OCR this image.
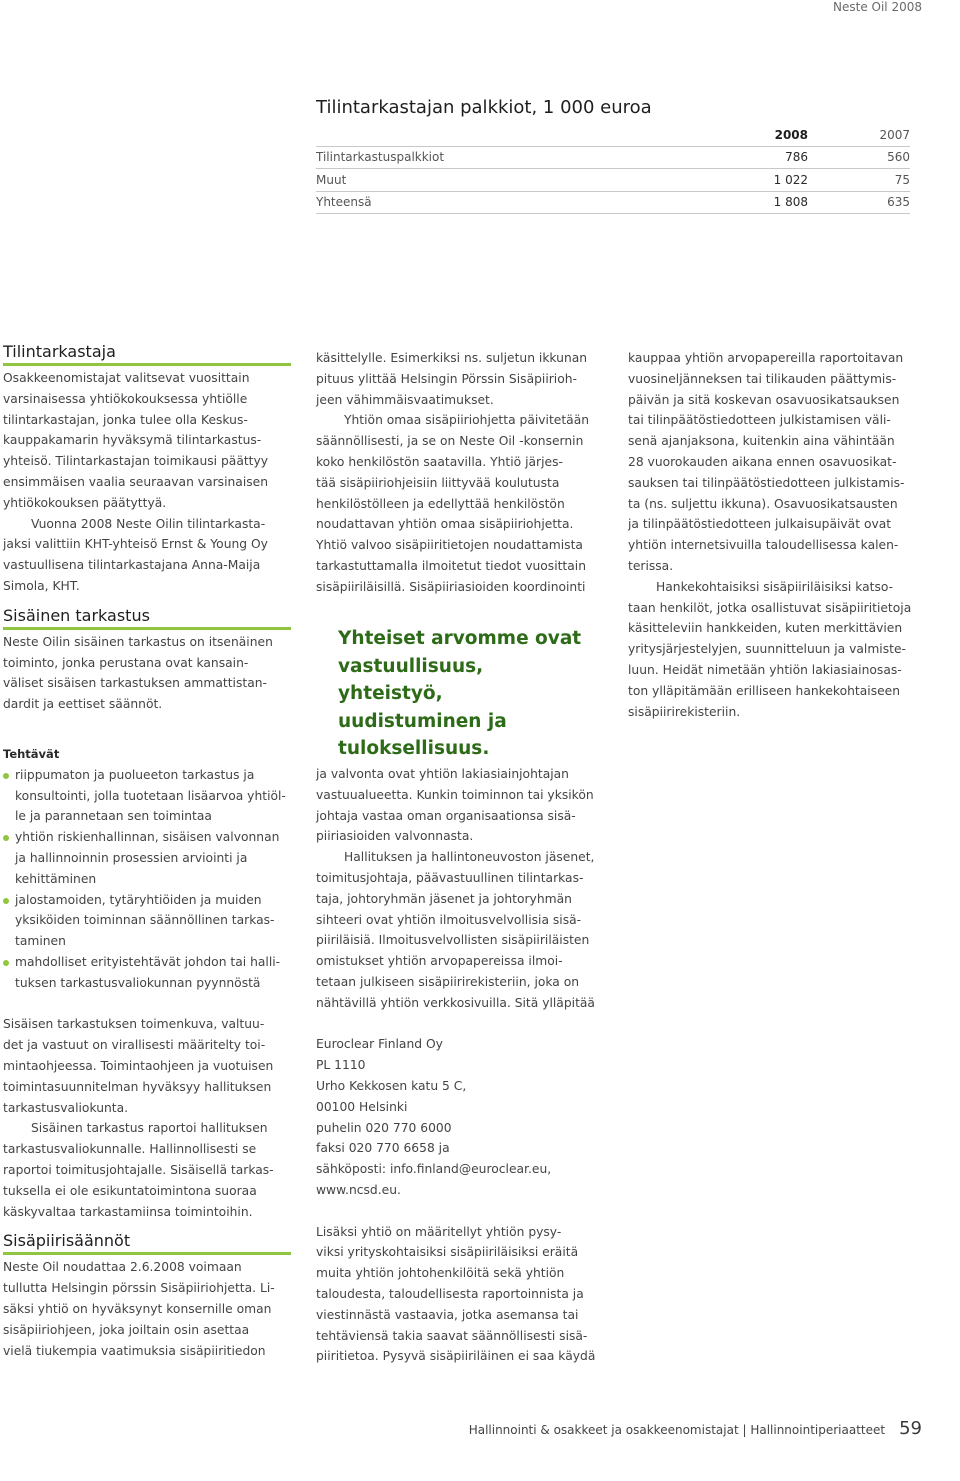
Neste Oil 2008
Tilintarkastajan palkkiot, 1 000 euroa
2008	2007
Tilintarkastuspalkkiot	786	560
Muut	1 022	75
Yhteensä	1 808	635
Tilintarkastaja

Osakkeenomistajat valitsevat vuosittain
varsinaisessa yhtiökokouksessa yhtiölle
tilintarkastajan, jonka tulee olla Keskus-
kauppakamarin hyväksymä tilintarkastus-
yhteisö. Tilintarkastajan toimikausi päättyy
ensimmäisen vaalia seuraavan varsinaisen
yhtiökokouksen päätyttyä.

Vuonna 2008 Neste Oilin tilintarkasta-
jaksi valittiin KHT-yhteisö Ernst & Young Oy
vastuullisena tilintarkastajana Anna-Maija
Simola, KHT.

Sisäinen tarkastus

Neste Oilin sisäinen tarkastus on itsenäinen
toiminto, jonka perustana ovat kansain-
väliset sisäisen tarkastuksen ammattistan-
dardit ja eettiset säännöt.

Tehtävät
riippumaton ja puolueeton tarkastus ja
konsultointi, jolla tuotetaan lisäarvoa yhtiöl-
le ja parannetaan sen toimintaa
yhtiön riskienhallinnan, sisäisen valvonnan
ja hallinnoinnin prosessien arviointi ja
kehittäminen
jalostamoiden, tytäryhtiöiden ja muiden
yksiköiden toiminnan säännöllinen tarkas-
taminen
mahdolliset erityistehtävät johdon tai halli-
tuksen tarkastusvaliokunnan pyynnöstä

Sisäisen tarkastuksen toimenkuva, valtuu-
det ja vastuut on virallisesti määritelty toi-
mintaohjeessa. Toimintaohjeen ja vuotuisen
toimintasuunnitelman hyväksyy hallituksen
tarkastusvaliokunta.

Sisäinen tarkastus raportoi hallituksen
tarkastusvaliokunnalle. Hallinnollisesti se
raportoi toimitusjohtajalle. Sisäisellä tarkas-
tuksella ei ole esikuntatoimintona suoraa
käskyvaltaa tarkastamiinsa toimintoihin.

Sisäpiirisäännöt

Neste Oil noudattaa 2.6.2008 voimaan
tullutta Helsingin pörssin Sisäpiiriohjetta. Li-
säksi yhtiö on hyväksynyt konsernille oman
sisäpiiriohjeen, joka joiltain osin asettaa
vielä tiukempia vaatimuksia sisäpiiritiedon

käsittelylle. Esimerkiksi ns. suljetun ikkunan
pituus ylittää Helsingin Pörssin Sisäpiirioh-
jeen vähimmäisvaatimukset.

Yhtiön omaa sisäpiiriohjetta päivitetään
säännöllisesti, ja se on Neste Oil -konsernin
koko henkilöstön saatavilla. Yhtiö järjes-
tää sisäpiiriohjeisiin liittyvää koulutusta
henkilöstölleen ja edellyttää henkilöstön
noudattavan yhtiön omaa sisäpiiriohjetta.
Yhtiö valvoo sisäpiiritietojen noudattamista
tarkastuttamalla ilmoitetut tiedot vuosittain
sisäpiiriläisillä. Sisäpiiriasioiden koordinointi

Yhteiset arvomme ovat vastuullisuus, yhteistyö, uudistuminen ja tuloksellisuus.

ja valvonta ovat yhtiön lakiasiainjohtajan
vastuualueetta. Kunkin toiminnon tai yksikön
johtaja vastaa oman organisaationsa sisä-
piiriasioiden valvonnasta.

Hallituksen ja hallintoneuvoston jäsenet,
toimitusjohtaja, päävastuullinen tilintarkas-
taja, johtoryhmän jäsenet ja johtoryhmän
sihteeri ovat yhtiön ilmoitusvelvollisia sisä-
piiriläisiä. Ilmoitusvelvollisten sisäpiiriläisten
omistukset yhtiön arvopapereissa ilmoi-
tetaan julkiseen sisäpiirirekisteriin, joka on
nähtävillä yhtiön verkkosivuilla. Sitä ylläpitää

Euroclear Finland Oy
PL 1110
Urho Kekkosen katu 5 C,
00100 Helsinki
puhelin 020 770 6000
faksi 020 770 6658 ja
sähköposti: info.finland@euroclear.eu,
www.ncsd.eu.

Lisäksi yhtiö on määritellyt yhtiön pysy-
viksi yrityskohtaisiksi sisäpiiriläisiksi eräitä
muita yhtiön johtohenkilöitä sekä yhtiön
taloudesta, taloudellisesta raportoinnista ja
viestinnästä vastaavia, jotka asemansa tai
tehtäviensä takia saavat säännöllisesti sisä-
piiritietoa. Pysyvä sisäpiiriläinen ei saa käydä

kauppaa yhtiön arvopapereilla raportoitavan
vuosineljänneksen tai tilikauden päättymis-
päivän ja sitä koskevan osavuosikatsauksen
tai tilinpäätöstiedotteen julkistamisen väli-
senä ajanjaksona, kuitenkin aina vähintään
28 vuorokauden aikana ennen osavuosikat-
sauksen tai tilinpäätöstiedotteen julkistamis-
ta (ns. suljettu ikkuna). Osavuosikatsausten
ja tilinpäätöstiedotteen julkaisupäivät ovat
yhtiön internetsivuilla taloudellisessa kalen-
terissa.

Hankekohtaisiksi sisäpiiriläisiksi katso-
taan henkilöt, jotka osallistuvat sisäpiiritietoja
käsitteleviin hankkeiden, kuten merkittävien
yritysjärjestelyjen, suunnitteluun ja valmiste-
luun. Heidät nimetään yhtiön lakiasiainosas-
ton ylläpitämään erilliseen hankekohtaiseen
sisäpiirirekisteriin.

Hallinnointi & osakkeet ja osakkeenomistajat | Hallinnointiperiaatteet 59
